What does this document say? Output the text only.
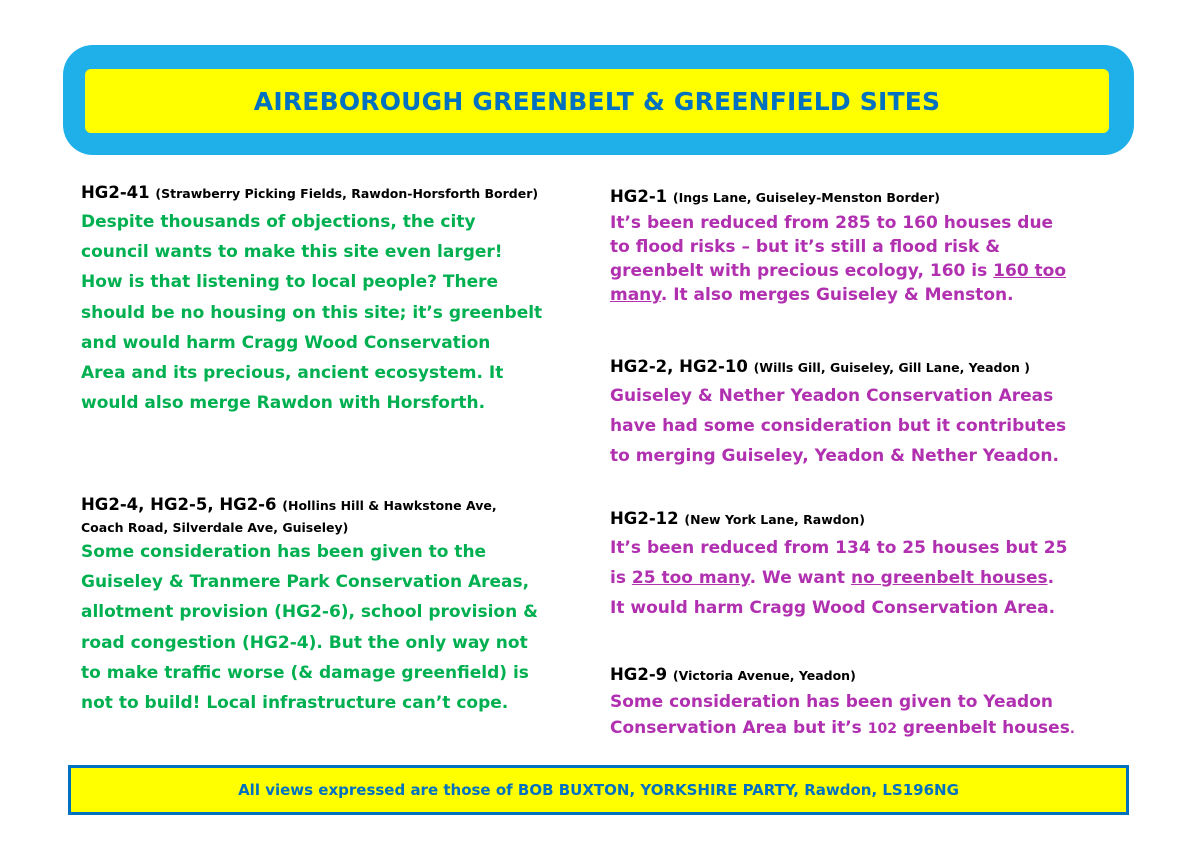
AIREBOROUGH GREENBELT & GREENFIELD SITES
HG2-41 (Strawberry Picking Fields, Rawdon-Horsforth Border)
Despite thousands of objections, the city
council wants to make this site even larger!
How is that listening to local people? There
should be no housing on this site; it’s greenbelt
and would harm Cragg Wood Conservation
Area and its precious, ancient ecosystem. It
would also merge Rawdon with Horsforth.
HG2-4, HG2-5, HG2-6 (Hollins Hill & Hawkstone Ave,
Coach Road, Silverdale Ave, Guiseley)
Some consideration has been given to the
Guiseley & Tranmere Park Conservation Areas,
allotment provision (HG2-6), school provision &
road congestion (HG2-4). But the only way not
to make traffic worse (& damage greenfield) is
not to build! Local infrastructure can’t cope.
HG2-1 (Ings Lane, Guiseley-Menston Border)
It’s been reduced from 285 to 160 houses due
to flood risks – but it’s still a flood risk &
greenbelt with precious ecology, 160 is 160 too
many. It also merges Guiseley & Menston.
HG2-2, HG2-10 (Wills Gill, Guiseley, Gill Lane, Yeadon )
Guiseley & Nether Yeadon Conservation Areas
have had some consideration but it contributes
to merging Guiseley, Yeadon & Nether Yeadon.
HG2-12 (New York Lane, Rawdon)
It’s been reduced from 134 to 25 houses but 25
is 25 too many. We want no greenbelt houses.
It would harm Cragg Wood Conservation Area.
HG2-9 (Victoria Avenue, Yeadon)
Some consideration has been given to Yeadon
Conservation Area but it’s 102 greenbelt houses.
All views expressed are those of BOB BUXTON, YORKSHIRE PARTY, Rawdon, LS196NG
